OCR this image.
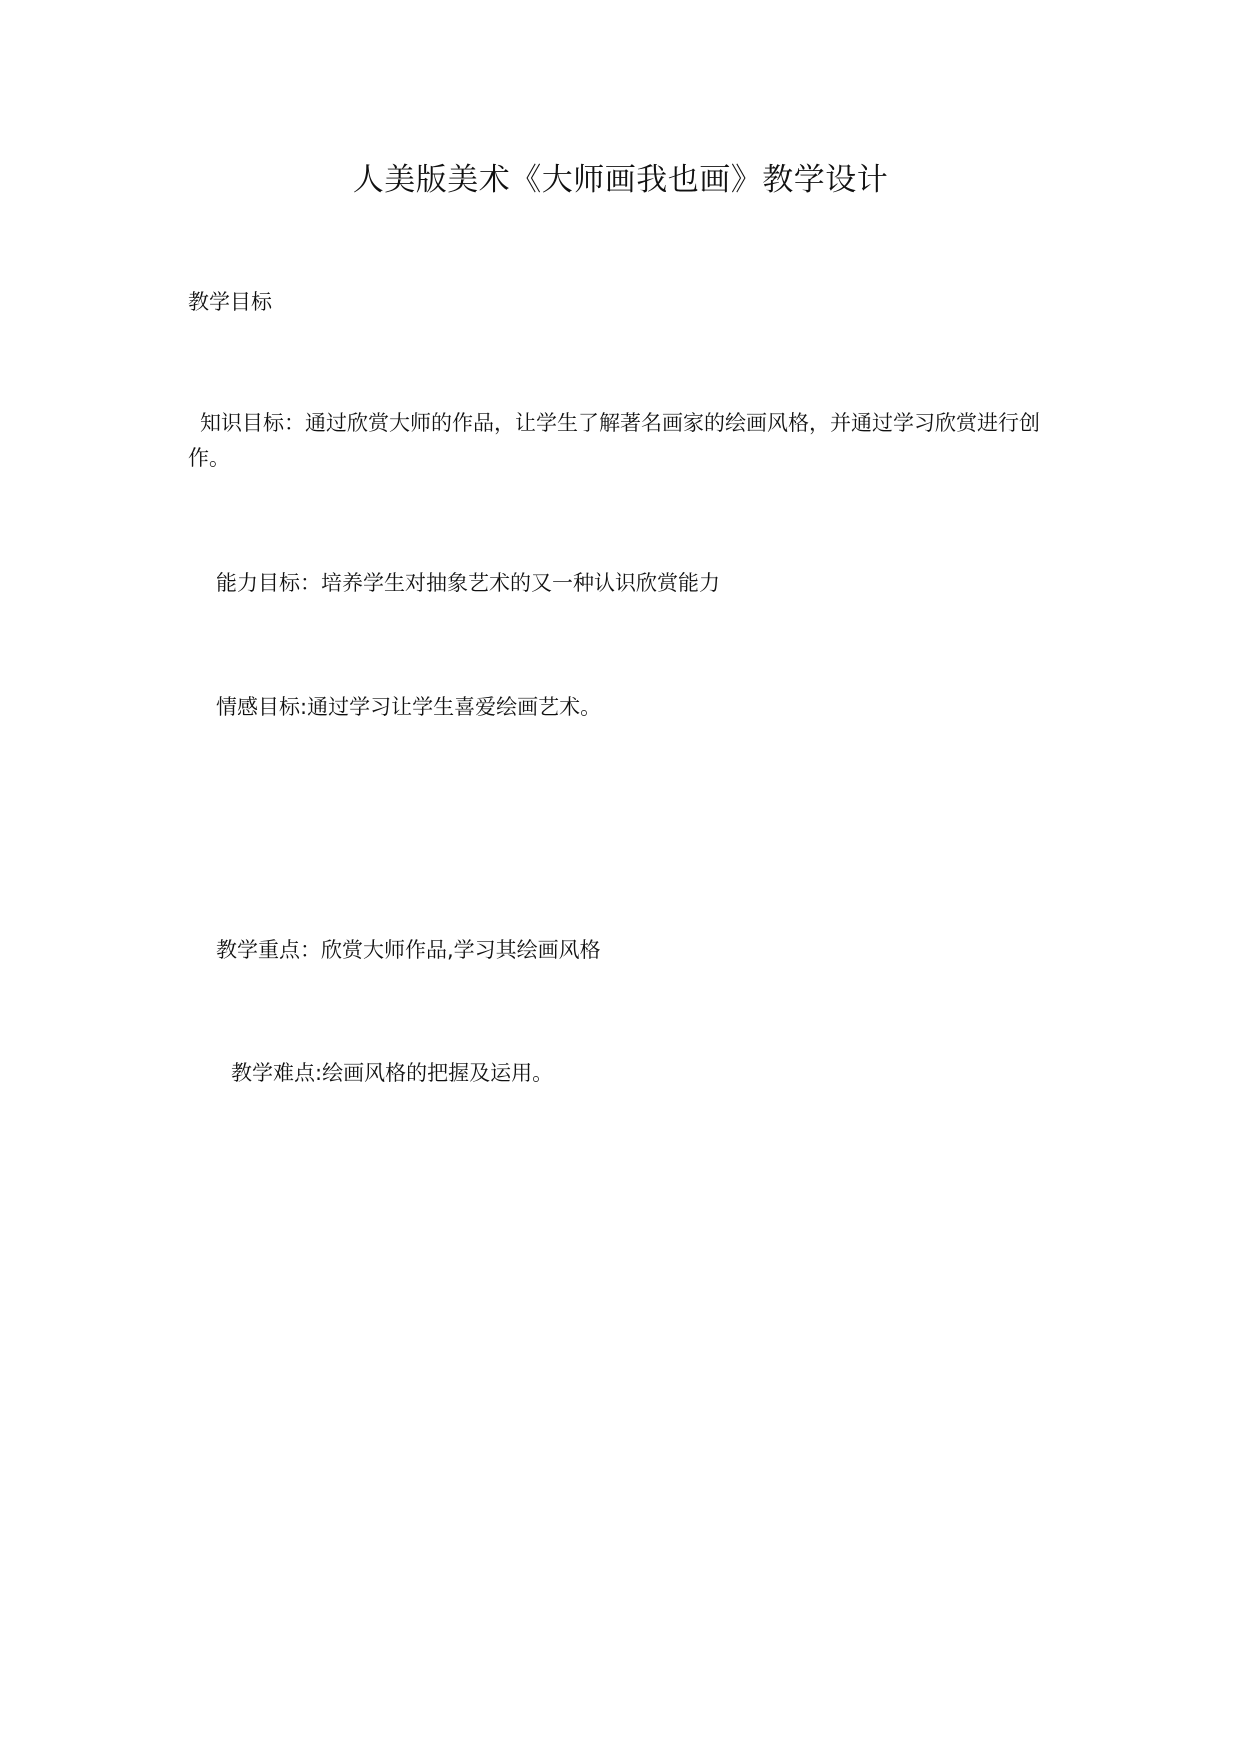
人美版美术《大师画我也画》教学设计
教学目标
知识目标：通过欣赏大师的作品，让学生了解著名画家的绘画风格，并通过学习欣赏进行创作。
能力目标：培养学生对抽象艺术的又一种认识欣赏能力
情感目标:通过学习让学生喜爱绘画艺术。
教学重点：欣赏大师作品,学习其绘画风格
教学难点:绘画风格的把握及运用。
